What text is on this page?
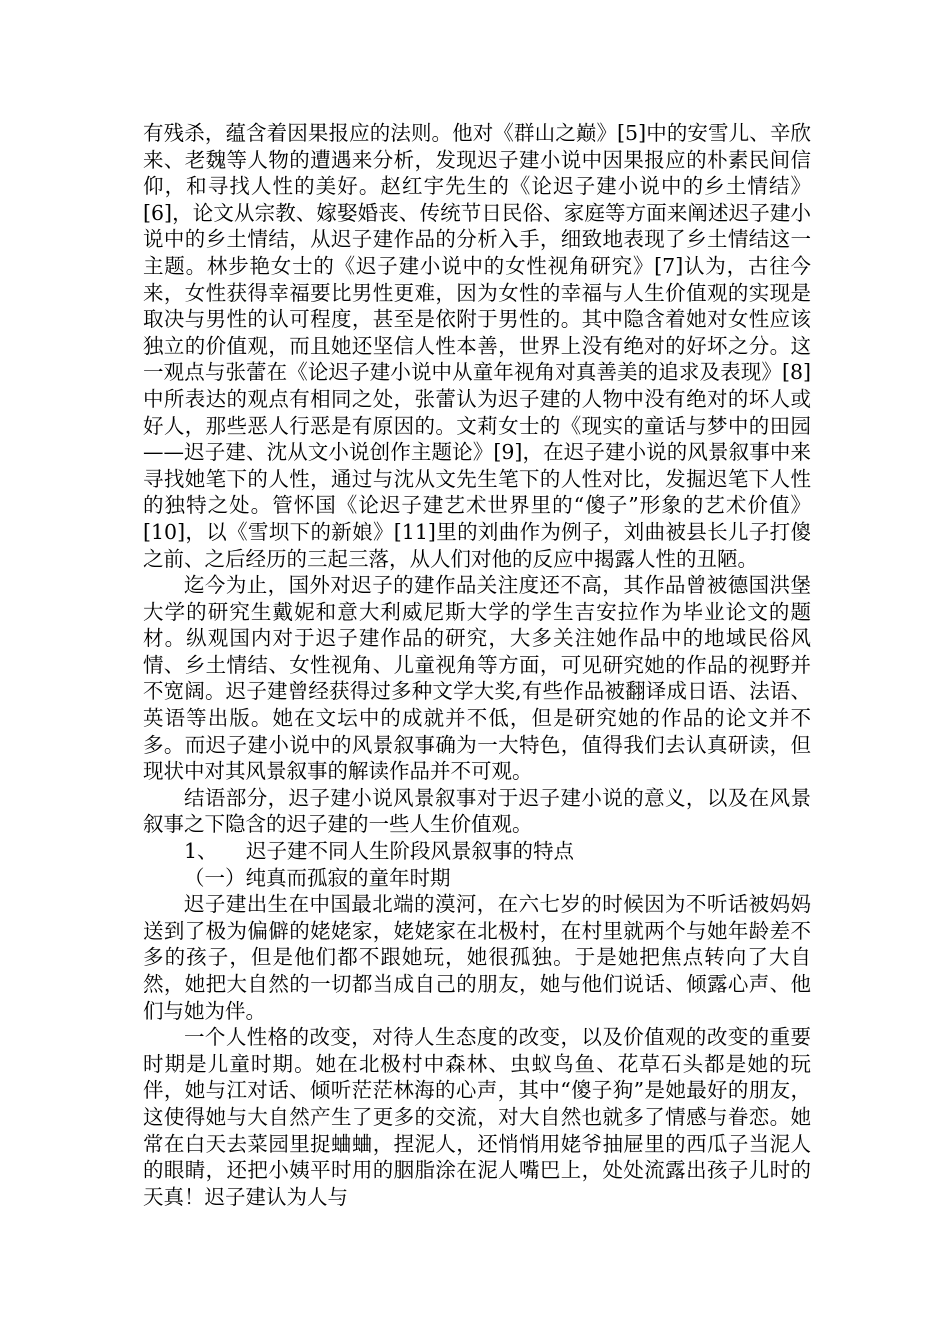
有残杀，蕴含着因果报应的法则。他对《群山之巅》[5]中的安雪儿、辛欣来、老魏等人物的遭遇来分析，发现迟子建小说中因果报应的朴素民间信仰，和寻找人性的美好。赵红宇先生的《论迟子建小说中的乡土情结》[6]，论文从宗教、嫁娶婚丧、传统节日民俗、家庭等方面来阐述迟子建小说中的乡土情结，从迟子建作品的分析入手，细致地表现了乡土情结这一主题。林步艳女士的《迟子建小说中的女性视角研究》[7]认为，古往今来，女性获得幸福要比男性更难，因为女性的幸福与人生价值观的实现是取决与男性的认可程度，甚至是依附于男性的。其中隐含着她对女性应该独立的价值观，而且她还坚信人性本善，世界上没有绝对的好坏之分。这一观点与张蕾在《论迟子建小说中从童年视角对真善美的追求及表现》[8]中所表达的观点有相同之处，张蕾认为迟子建的人物中没有绝对的坏人或好人，那些恶人行恶是有原因的。文莉女士的《现实的童话与梦中的田园——迟子建、沈从文小说创作主题论》[9]，在迟子建小说的风景叙事中来寻找她笔下的人性，通过与沈从文先生笔下的人性对比，发掘迟笔下人性的独特之处。管怀国《论迟子建艺术世界里的“傻子”形象的艺术价值》[10]，以《雪坝下的新娘》[11]里的刘曲作为例子，刘曲被县长儿子打傻之前、之后经历的三起三落，从人们对他的反应中揭露人性的丑陋。

迄今为止，国外对迟子的建作品关注度还不高，其作品曾被德国洪堡大学的研究生戴妮和意大利威尼斯大学的学生吉安拉作为毕业论文的题材。纵观国内对于迟子建作品的研究，大多关注她作品中的地域民俗风情、乡土情结、女性视角、儿童视角等方面，可见研究她的作品的视野并不宽阔。迟子建曾经获得过多种文学大奖,有些作品被翻译成日语、法语、英语等出版。她在文坛中的成就并不低，但是研究她的作品的论文并不多。而迟子建小说中的风景叙事确为一大特色，值得我们去认真研读，但现状中对其风景叙事的解读作品并不可观。

结语部分，迟子建小说风景叙事对于迟子建小说的意义，以及在风景叙事之下隐含的迟子建的一些人生价值观。

1、 迟子建不同人生阶段风景叙事的特点

（一）纯真而孤寂的童年时期

迟子建出生在中国最北端的漠河，在六七岁的时候因为不听话被妈妈送到了极为偏僻的姥姥家，姥姥家在北极村，在村里就两个与她年龄差不多的孩子，但是他们都不跟她玩，她很孤独。于是她把焦点转向了大自然，她把大自然的一切都当成自己的朋友，她与他们说话、倾露心声、他们与她为伴。

一个人性格的改变，对待人生态度的改变，以及价值观的改变的重要时期是儿童时期。她在北极村中森林、虫蚁鸟鱼、花草石头都是她的玩伴，她与江对话、倾听茫茫林海的心声，其中“傻子狗”是她最好的朋友，这使得她与大自然产生了更多的交流，对大自然也就多了情感与眷恋。她常在白天去菜园里捉蛐蛐，捏泥人，还悄悄用姥爷抽屉里的西瓜子当泥人的眼睛，还把小姨平时用的胭脂涂在泥人嘴巴上，处处流露出孩子儿时的天真！迟子建认为人与
